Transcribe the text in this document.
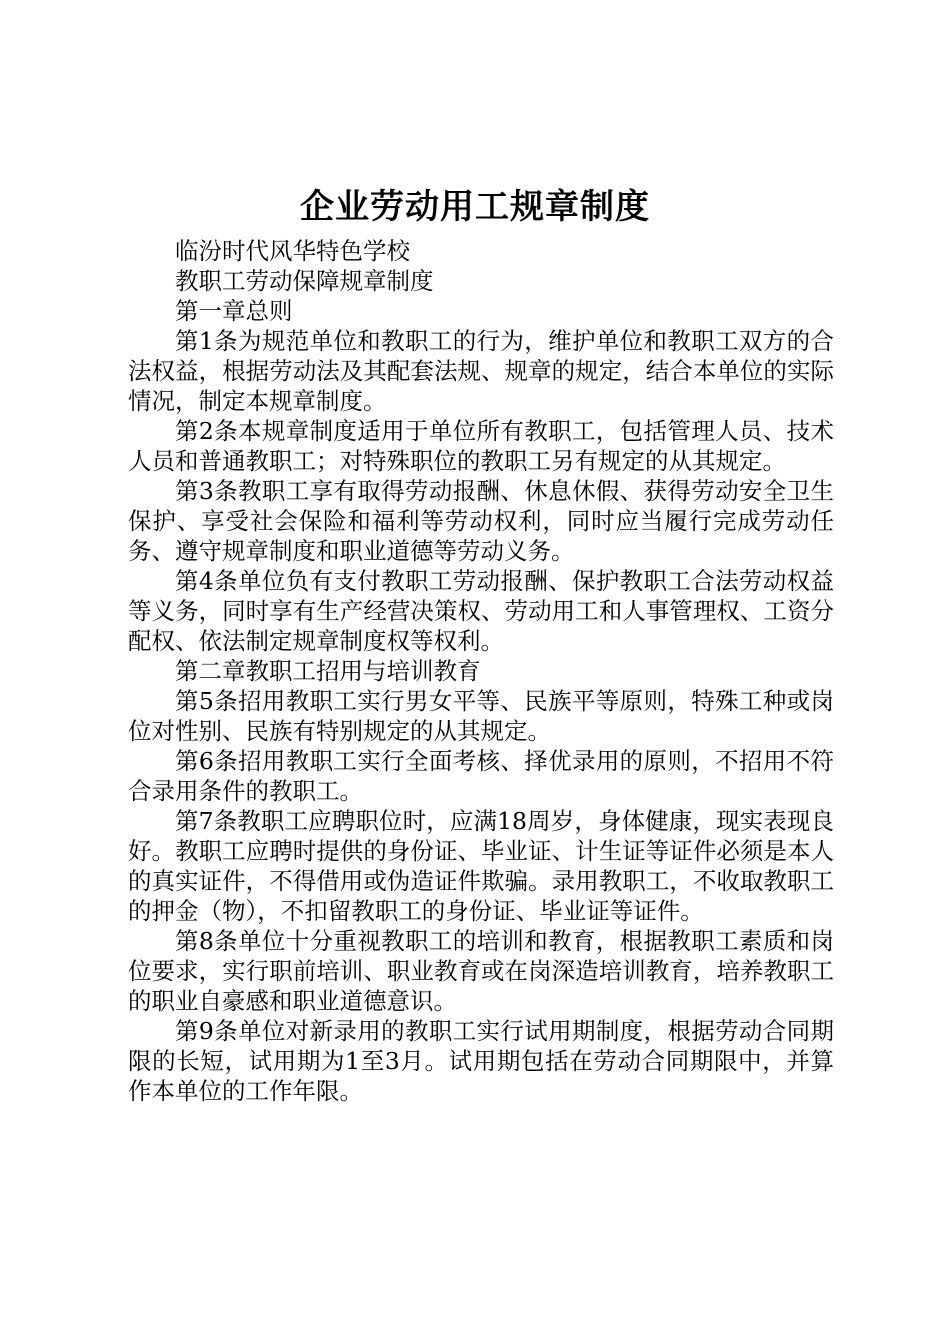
企业劳动用工规章制度

临汾时代风华特色学校

教职工劳动保障规章制度

第一章总则

第1条为规范单位和教职工的行为，维护单位和教职工双方的合法权益，根据劳动法及其配套法规、规章的规定，结合本单位的实际情况，制定本规章制度。

第2条本规章制度适用于单位所有教职工，包括管理人员、技术人员和普通教职工；对特殊职位的教职工另有规定的从其规定。

第3条教职工享有取得劳动报酬、休息休假、获得劳动安全卫生保护、享受社会保险和福利等劳动权利，同时应当履行完成劳动任务、遵守规章制度和职业道德等劳动义务。

第4条单位负有支付教职工劳动报酬、保护教职工合法劳动权益等义务，同时享有生产经营决策权、劳动用工和人事管理权、工资分配权、依法制定规章制度权等权利。

第二章教职工招用与培训教育

第5条招用教职工实行男女平等、民族平等原则，特殊工种或岗位对性别、民族有特别规定的从其规定。

第6条招用教职工实行全面考核、择优录用的原则，不招用不符合录用条件的教职工。

第7条教职工应聘职位时，应满18周岁，身体健康，现实表现良好。教职工应聘时提供的身份证、毕业证、计生证等证件必须是本人的真实证件，不得借用或伪造证件欺骗。录用教职工，不收取教职工的押金（物），不扣留教职工的身份证、毕业证等证件。

第8条单位十分重视教职工的培训和教育，根据教职工素质和岗位要求，实行职前培训、职业教育或在岗深造培训教育，培养教职工的职业自豪感和职业道德意识。

第9条单位对新录用的教职工实行试用期制度，根据劳动合同期限的长短，试用期为1至3月。试用期包括在劳动合同期限中，并算作本单位的工作年限。
